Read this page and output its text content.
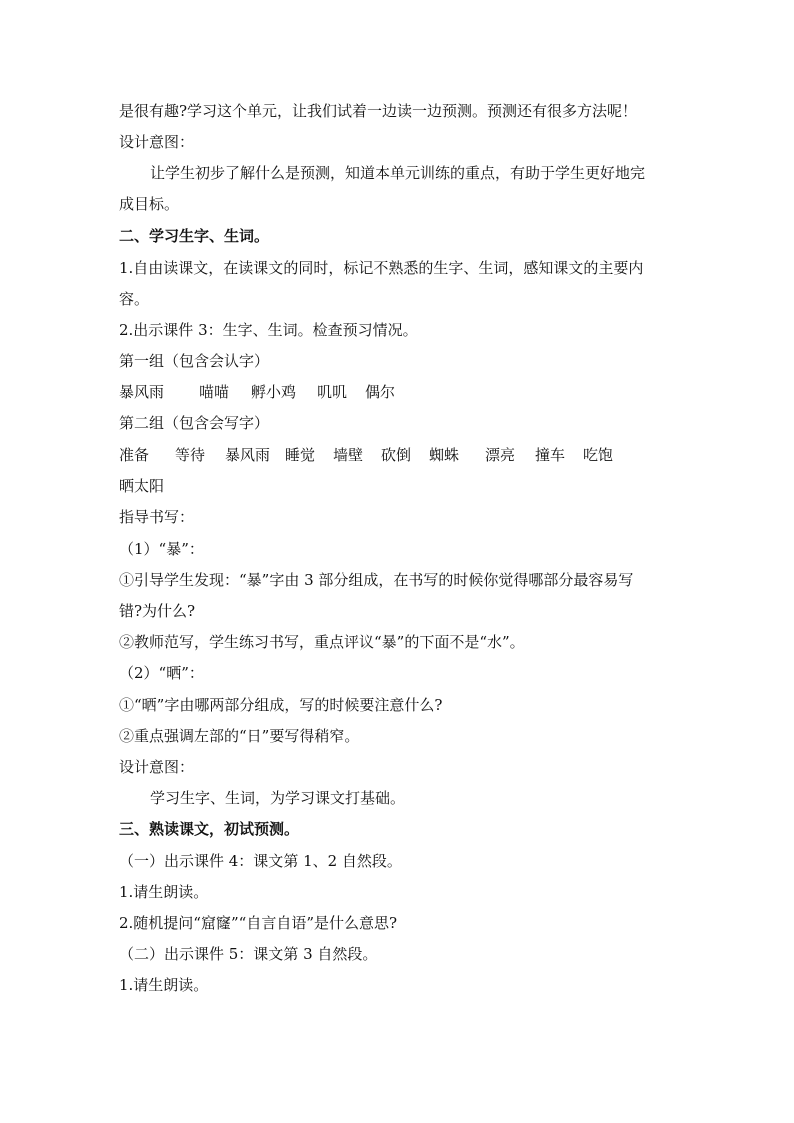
是很有趣?学习这个单元，让我们试着一边读一边预测。预测还有很多方法呢！
设计意图：
让学生初步了解什么是预测，知道本单元训练的重点，有助于学生更好地完
成目标。
二、学习生字、生词。
1.自由读课文，在读课文的同时，标记不熟悉的生字、生词，感知课文的主要内
容。
2.出示课件 3：生字、生词。检查预习情况。
第一组（包含会认字）
暴风雨 喵喵 孵小鸡 叽叽 偶尔
第二组（包含会写字）
准备 等待 暴风雨 睡觉 墙壁 砍倒 蜘蛛 漂亮 撞车 吃饱
晒太阳
指导书写：
（1）“暴”：
①引导学生发现：“暴”字由 3 部分组成，在书写的时候你觉得哪部分最容易写
错?为什么?
②教师范写，学生练习书写，重点评议“暴”的下面不是“水”。
（2）“晒”：
①“晒”字由哪两部分组成，写的时候要注意什么?
②重点强调左部的“日”要写得稍窄。
设计意图：
学习生字、生词，为学习课文打基础。
三、熟读课文，初试预测。
（一）出示课件 4：课文第 1、2 自然段。
1.请生朗读。
2.随机提问“窟窿”“自言自语”是什么意思?
（二）出示课件 5：课文第 3 自然段。
1.请生朗读。
